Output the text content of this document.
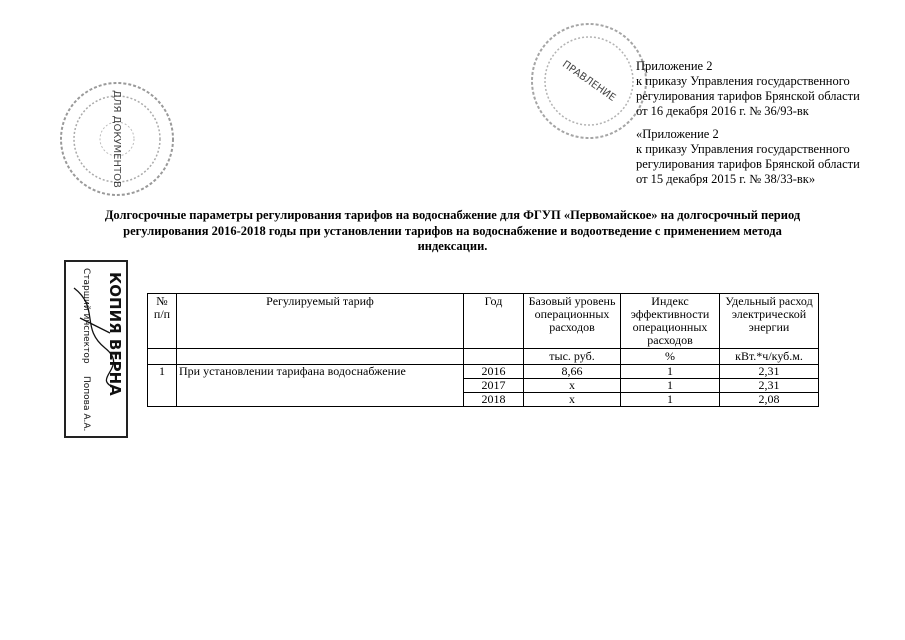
ДЛЯ ДОКУМЕНТОВ
ПРАВЛЕНИЕ Приложение 2
к приказу Управления государственного
регулирования тарифов Брянской области
от 16 декабря 2016 г. № 36/93-вк
«Приложение 2
к приказу Управления государственного
регулирования тарифов Брянской области
от 15 декабря 2015 г. № 38/33-вк»
Долгосрочные параметры регулирования тарифов на водоснабжение для ФГУП «Первомайское» на долгосрочный период
регулирования 2016-2018 годы при установлении тарифов на водоснабжение и водоотведение с применением метода
индексации.
КОПИЯ ВЕРНА
Старший инспектор
Попова А.А.
№ п/п	Регулируемый тариф	Год	Базовый уровень операционных расходов	Индекс эффективности операционных расходов	Удельный расход электрической энергии
			тыс. руб.	%	кВт.*ч/куб.м.
1	При установлении тарифана водоснабжение	2016	8,66	1	2,31
		2017	х	1	2,31
		2018	х	1	2,08
